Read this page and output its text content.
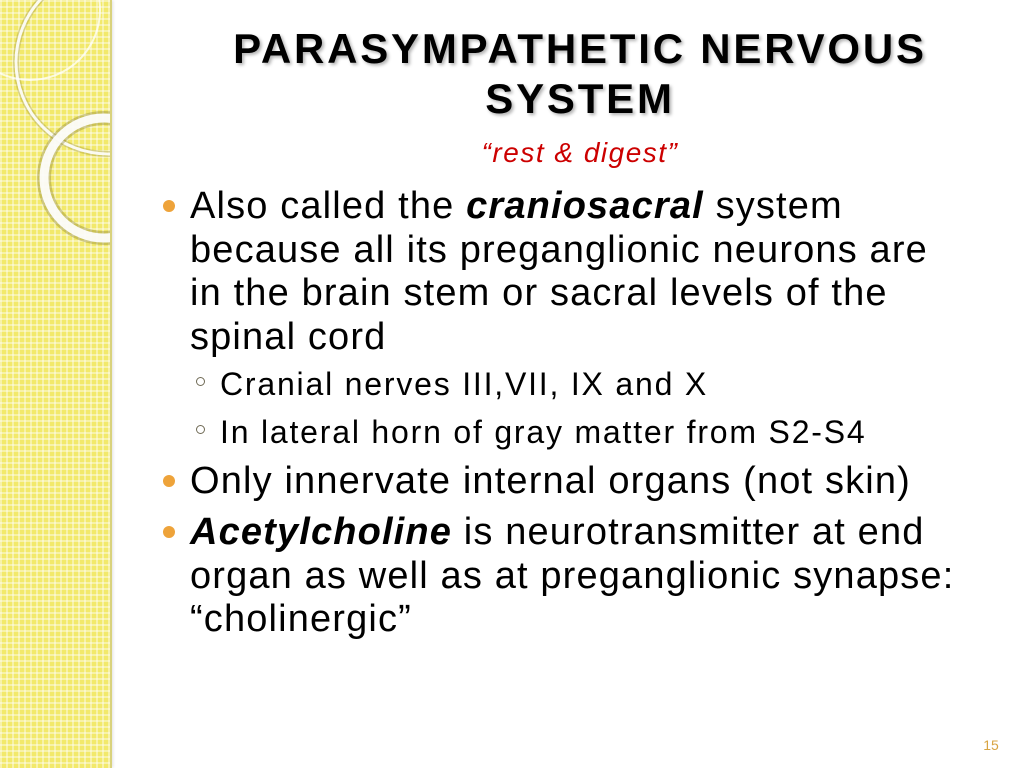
PARASYMPATHETIC NERVOUS SYSTEM
“rest & digest”
Also called the craniosacral system because all its preganglionic neurons are in the brain stem or sacral levels of the spinal cord
Cranial nerves III,VII, IX and X
In lateral horn of gray matter from S2-S4
Only innervate internal organs (not skin)
Acetylcholine is neurotransmitter at end organ as well as at preganglionic synapse: “cholinergic”
15
